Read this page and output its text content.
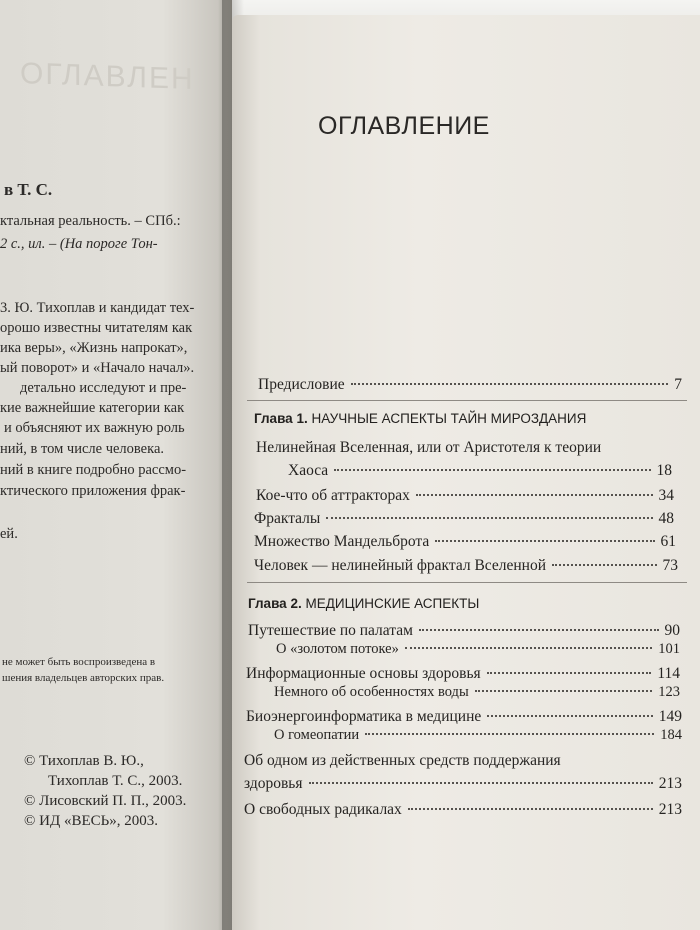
ОГЛАВЛЕН
в Т. С.
ктальная реальность. – СПб.:
2 с., ил. – (На пороге Тон-
3. Ю. Тихоплав и кандидат тех-
орошо известны читателям как
ика веры», «Жизнь напрокат»,
ый поворот» и «Начало начал».
детально исследуют и пре-
кие важнейшие категории как
и объясняют их важную роль
ний, в том числе человека.
ний в книге подробно рассмо-
ктического приложения фрак-
ей.
не может быть воспроизведена в
шения владельцев авторских прав.
© Тихоплав В. Ю.,
Тихоплав Т. С., 2003.
© Лисовский П. П., 2003.
© ИД «ВЕСЬ», 2003.
ОГЛАВЛЕНИЕ
Предисловие	7
Глава 1. НАУЧНЫЕ АСПЕКТЫ ТАЙН МИРОЗДАНИЯ
Нелинейная Вселенная, или от Аристотеля к теории
Хаоса	18
Кое-что об аттракторах	34
Фракталы	48
Множество Мандельброта	61
Человек — нелинейный фрактал Вселенной	73
Глава 2. МЕДИЦИНСКИЕ АСПЕКТЫ
Путешествие по палатам	90
О «золотом потоке»	101
Информационные основы здоровья	114
Немного об особенностях воды	123
Биоэнергоинформатика в медицине	149
О гомеопатии	184
Об одном из действенных средств поддержания
здоровья	213
О свободных радикалах	213
